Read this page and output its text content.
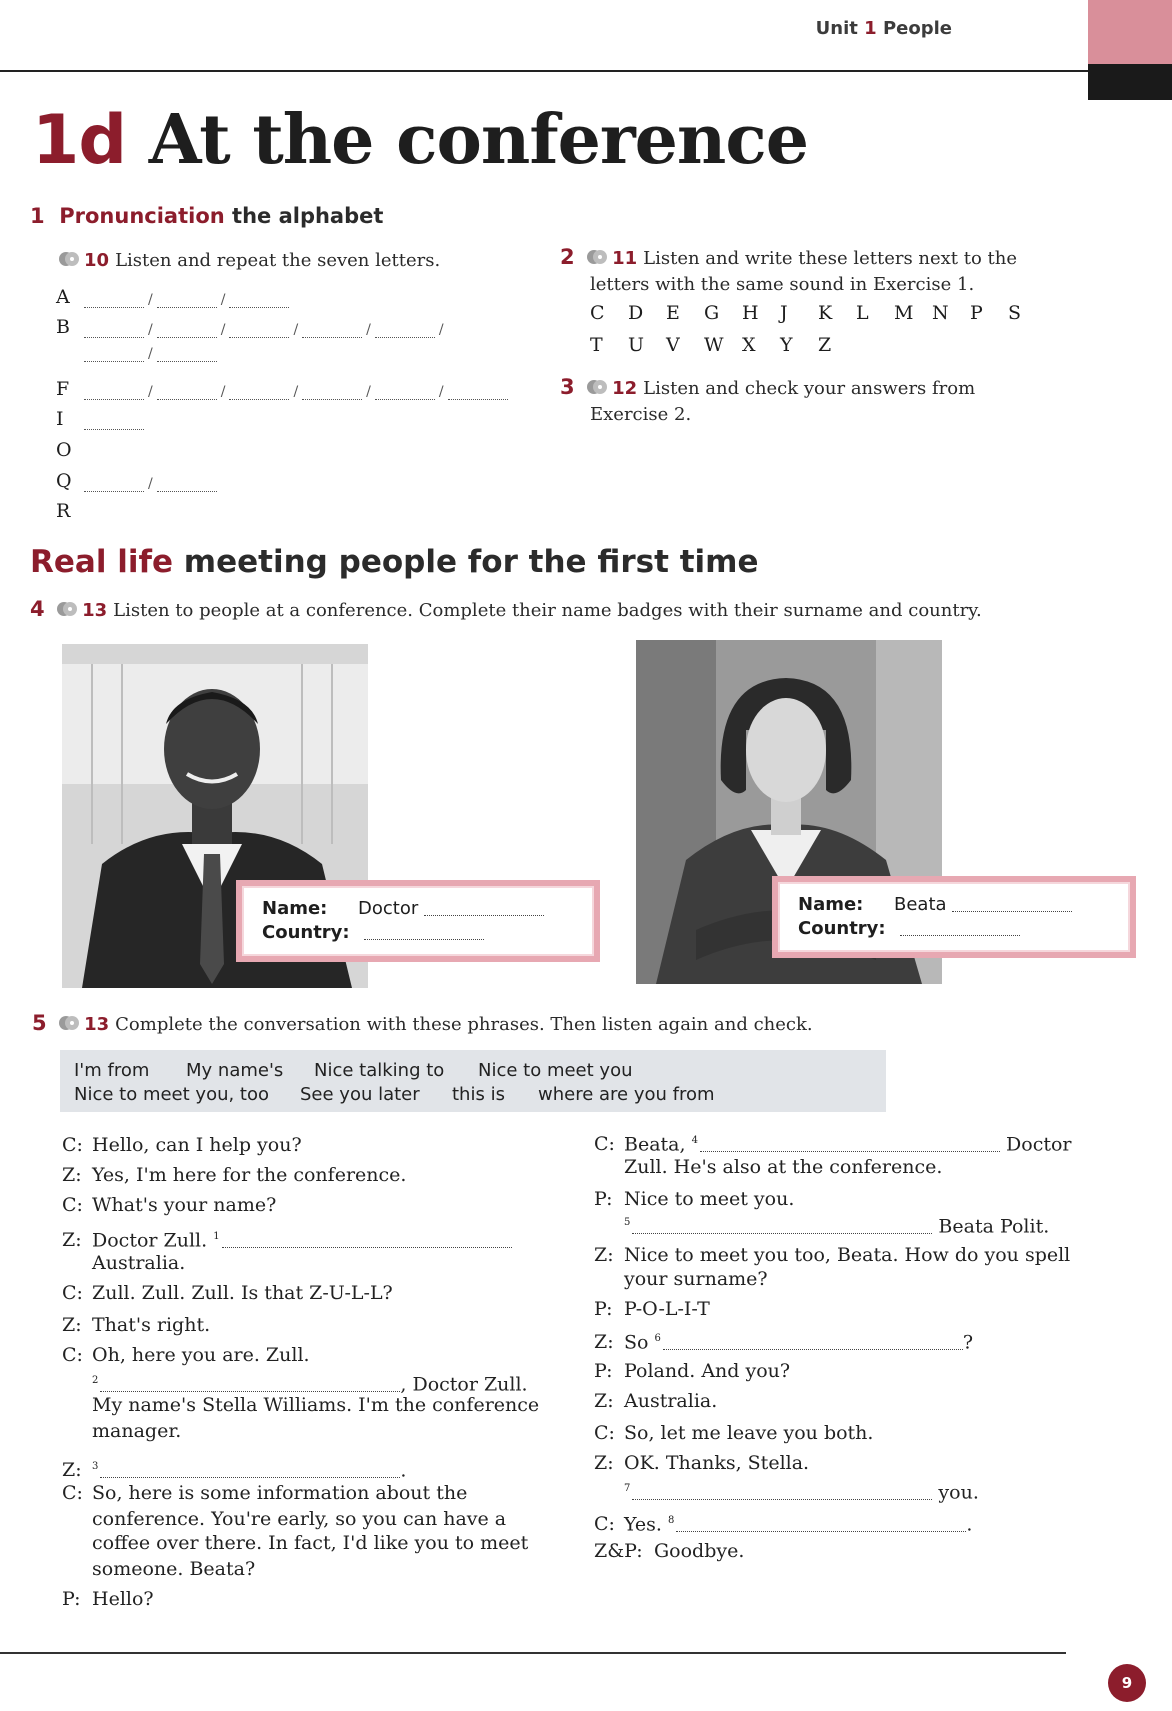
Unit 1 People
1d At the conference
1 Pronunciation the alphabet
10 Listen and repeat the seven letters.
A	/	/
B	/	/	/	/	/
/
F	/	/	/	/	/
I
O
Q	/
R
2 11 Listen and write these letters next to the
letters with the same sound in Exercise 1.
C D E G H J K L M N P S
T U V W X Y Z
3 12 Listen and check your answers from
Exercise 2.
Real life meeting people for the first time
4 13 Listen to people at a conference. Complete their name badges with their surname and country.
Name: Doctor
Country:
Name: Beata
Country:
5 13 Complete the conversation with these phrases. Then listen again and check.
I'm from My name's Nice talking to Nice to meet you
Nice to meet you, too See you later this is where are you from
C: Hello, can I help you?
Z: Yes, I'm here for the conference.
C: What's your name?
Z: Doctor Zull. $^1$
Australia.
C: Zull. Zull. Zull. Is that Z-U-L-L?
Z: That's right.
C: Oh, here you are. Zull.
$^2$	, Doctor Zull.
My name's Stella Williams. I'm the conference
manager.
Z: $^3$	.
C: So, here is some information about the
conference. You're early, so you can have a
coffee over there. In fact, I'd like you to meet
someone. Beata?
P: Hello?
C: Beata, $^4$	Doctor
Zull. He's also at the conference.
P: Nice to meet you.
$^5$	Beata Polit.
Z: Nice to meet you too, Beata. How do you spell
your surname?
P: P-O-L-I-T
Z: So $^6$	?
P: Poland. And you?
Z: Australia.
C: So, let me leave you both.
Z: OK. Thanks, Stella.
$^7$	you.
C: Yes. $^8$	.
Z&P: Goodbye.
9
